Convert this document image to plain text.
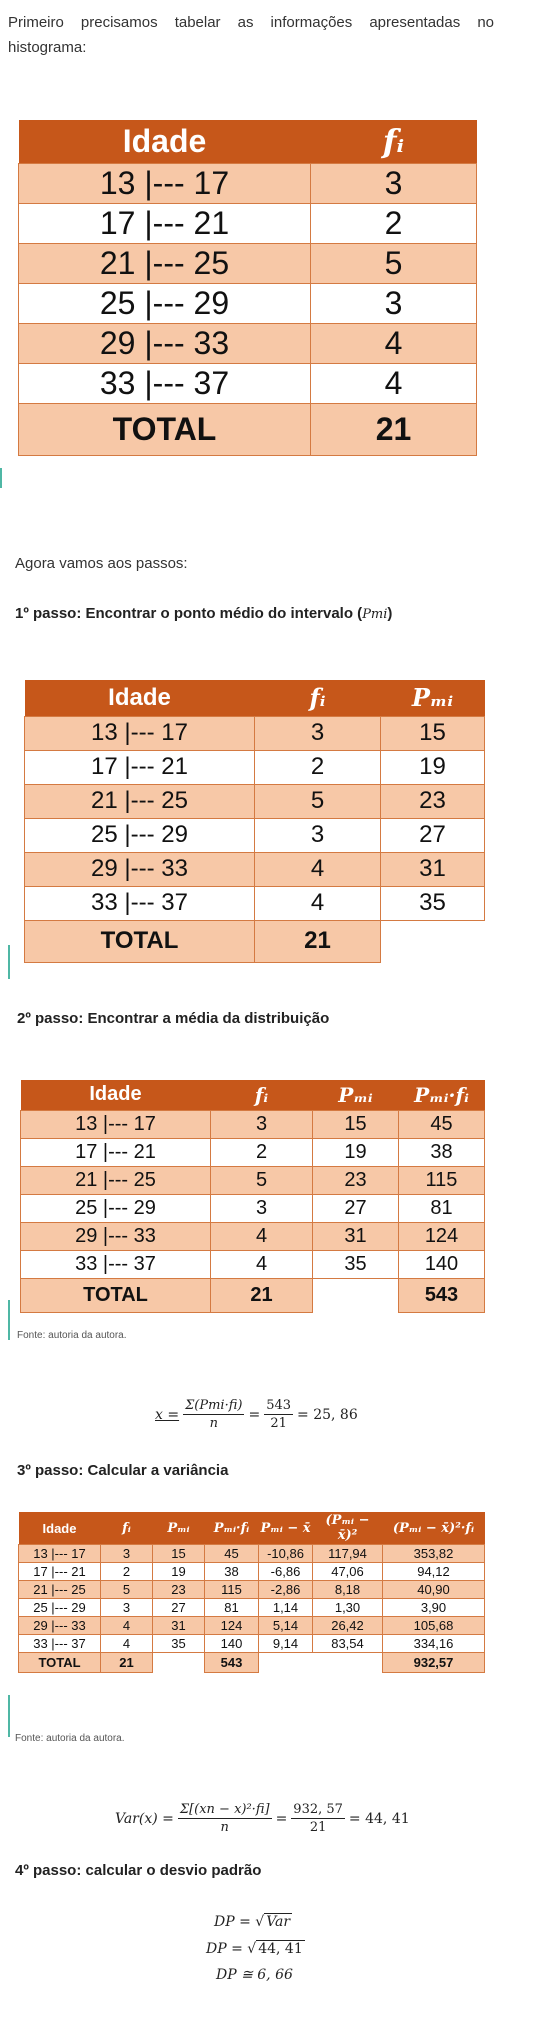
Primeiro precisamos tabelar as informações apresentadas no histograma:

Idade	fᵢ
13 |--- 17	3
17 |--- 21	2
21 |--- 25	5
25 |--- 29	3
29 |--- 33	4
33 |--- 37	4
TOTAL	21
Agora vamos aos passos:
1º passo: Encontrar o ponto médio do intervalo (Pmi)
Idade	fᵢ	Pₘᵢ
13 |--- 17	3	15
17 |--- 21	2	19
21 |--- 25	5	23
25 |--- 29	3	27
29 |--- 33	4	31
33 |--- 37	4	35
TOTAL	21	
2º passo: Encontrar a média da distribuição
Idade	fᵢ	Pₘᵢ	Pₘᵢ·fᵢ
13 |--- 17	3	15	45
17 |--- 21	2	19	38
21 |--- 25	5	23	115
25 |--- 29	3	27	81
29 |--- 33	4	31	124
33 |--- 37	4	35	140
TOTAL	21		543
Fonte: autoria da autora.
$x = \frac{\text{Σ(Pmi·fi)}}{n} = \frac{543}{21} = 25$, 86
3º passo: Calcular a variância
Idade	fᵢ	Pₘᵢ	Pₘᵢ·fᵢ	Pₘᵢ − x̄	(Pₘᵢ − x̄)²	(Pₘᵢ − x̄)²·fᵢ
13 |--- 17	3	15	45	-10,86	117,94	353,82
17 |--- 21	2	19	38	-6,86	47,06	94,12
21 |--- 25	5	23	115	-2,86	8,18	40,90
25 |--- 29	3	27	81	1,14	1,30	3,90
29 |--- 33	4	31	124	5,14	26,42	105,68
33 |--- 37	4	35	140	9,14	83,54	334,16
TOTAL	21		543			932,57
Fonte: autoria da autora.
$Var(x) = \frac{\text{Σ[(xn − x)²·fi]}}{n} = \frac{932, 57}{21} = 44$, 41
4º passo: calcular o desvio padrão
DP = √ Var
DP = √ 44, 41
DP ≅ 6, 66
